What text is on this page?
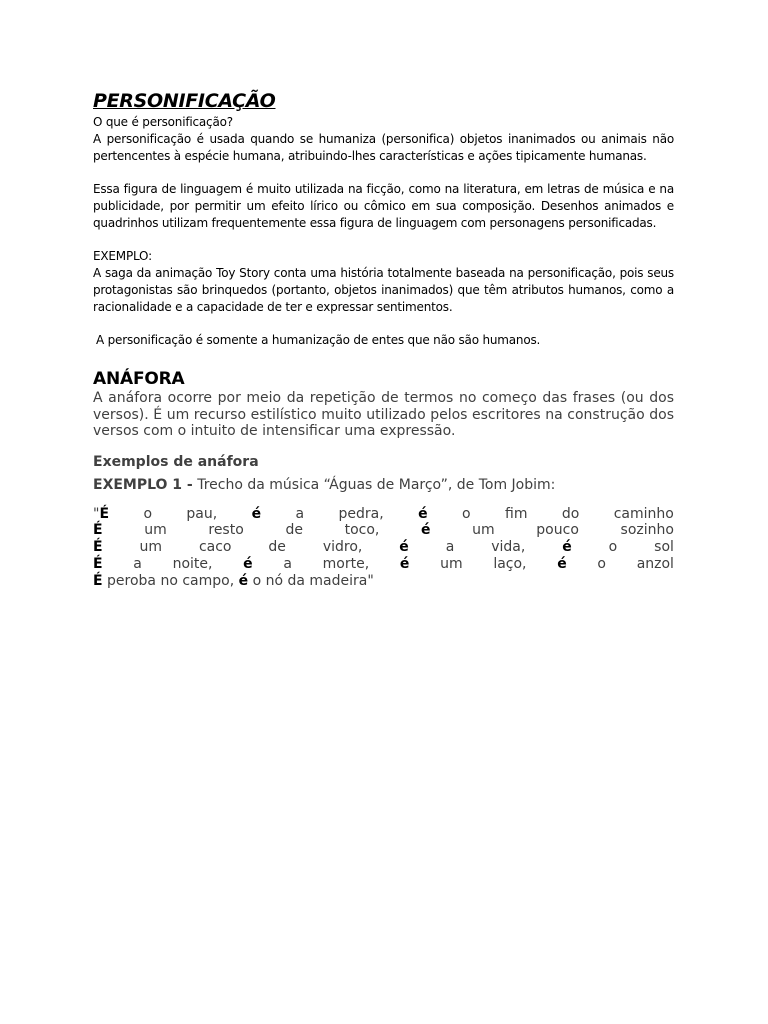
PERSONIFICAÇÃO

O que é personificação?

A personificação é usada quando se humaniza (personifica) objetos inanimados ou animais não pertencentes à espécie humana, atribuindo-lhes características e ações tipicamente humanas.

Essa figura de linguagem é muito utilizada na ficção, como na literatura, em letras de música e na publicidade, por permitir um efeito lírico ou cômico em sua composição. Desenhos animados e quadrinhos utilizam frequentemente essa figura de linguagem com personagens personificadas.

EXEMPLO:

A saga da animação Toy Story conta uma história totalmente baseada na personificação, pois seus protagonistas são brinquedos (portanto, objetos inanimados) que têm atributos humanos, como a racionalidade e a capacidade de ter e expressar sentimentos.

A personificação é somente a humanização de entes que não são humanos.

ANÁFORA

A anáfora ocorre por meio da repetição de termos no começo das frases (ou dos versos). É um recurso estilístico muito utilizado pelos escritores na construção dos versos com o intuito de intensificar uma expressão.

Exemplos de anáfora

EXEMPLO 1 - Trecho da música “Águas de Março”, de Tom Jobim:

"É o pau, é a pedra, é o fim do caminho
É	um	resto	de	toco,	é	um	pouco	sozinho
É	um	caco	de	vidro,	é	a	vida,	é	o	sol
É a noite, é a morte, é um laço, é o anzol
É peroba no campo, é o nó da madeira"
